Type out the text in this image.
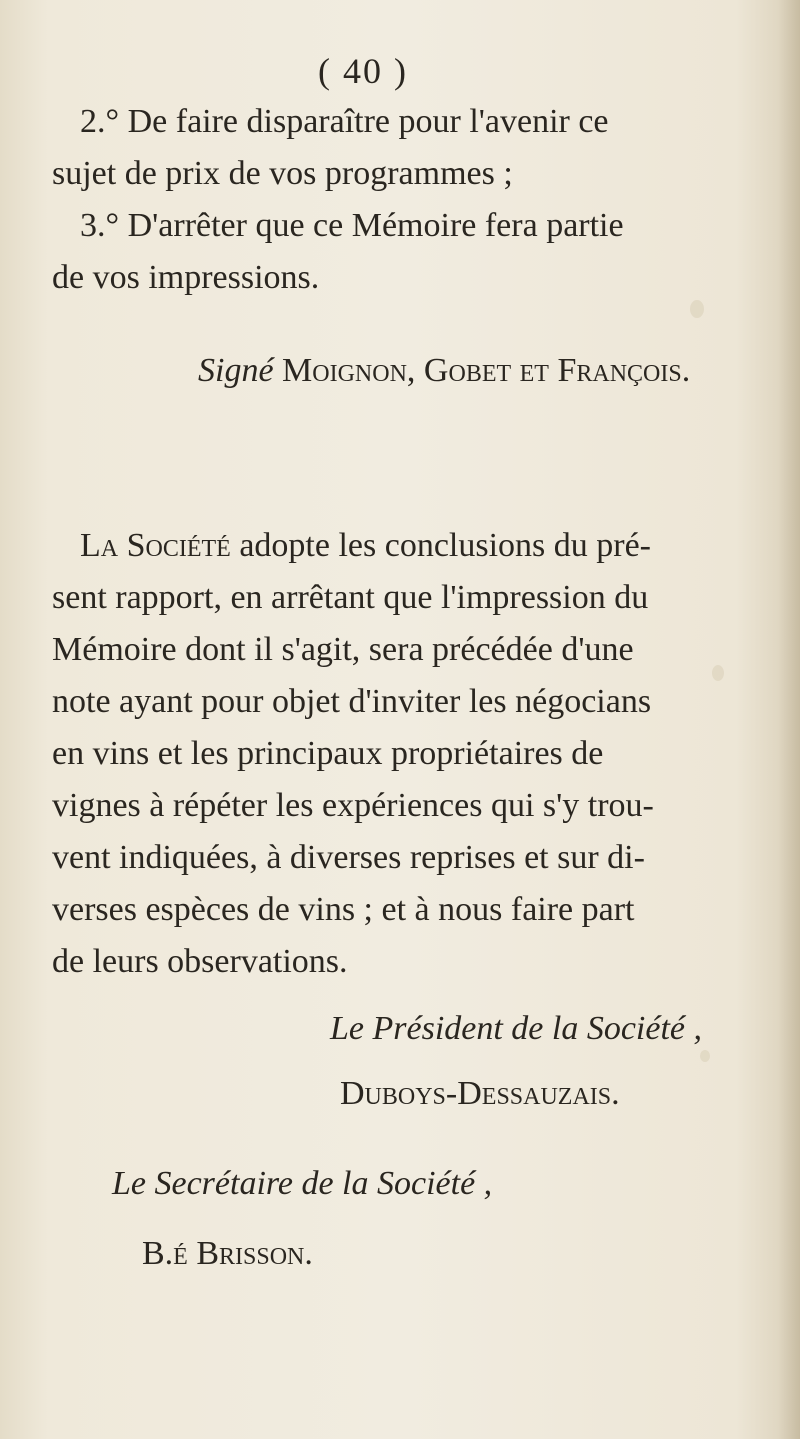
( 40 )
2.° De faire disparaître pour l'avenir ce
sujet de prix de vos programmes ;
3.° D'arrêter que ce Mémoire fera partie
de vos impressions.
Signé Moignon, Gobet et François.
La Société adopte les conclusions du pré-
sent rapport, en arrêtant que l'impression du
Mémoire dont il s'agit, sera précédée d'une
note ayant pour objet d'inviter les négocians
en vins et les principaux propriétaires de
vignes à répéter les expériences qui s'y trou-
vent indiquées, à diverses reprises et sur di-
verses espèces de vins ; et à nous faire part
de leurs observations.
Le Président de la Société ,
Duboys-Dessauzais.
Le Secrétaire de la Société ,
B.é Brisson.
